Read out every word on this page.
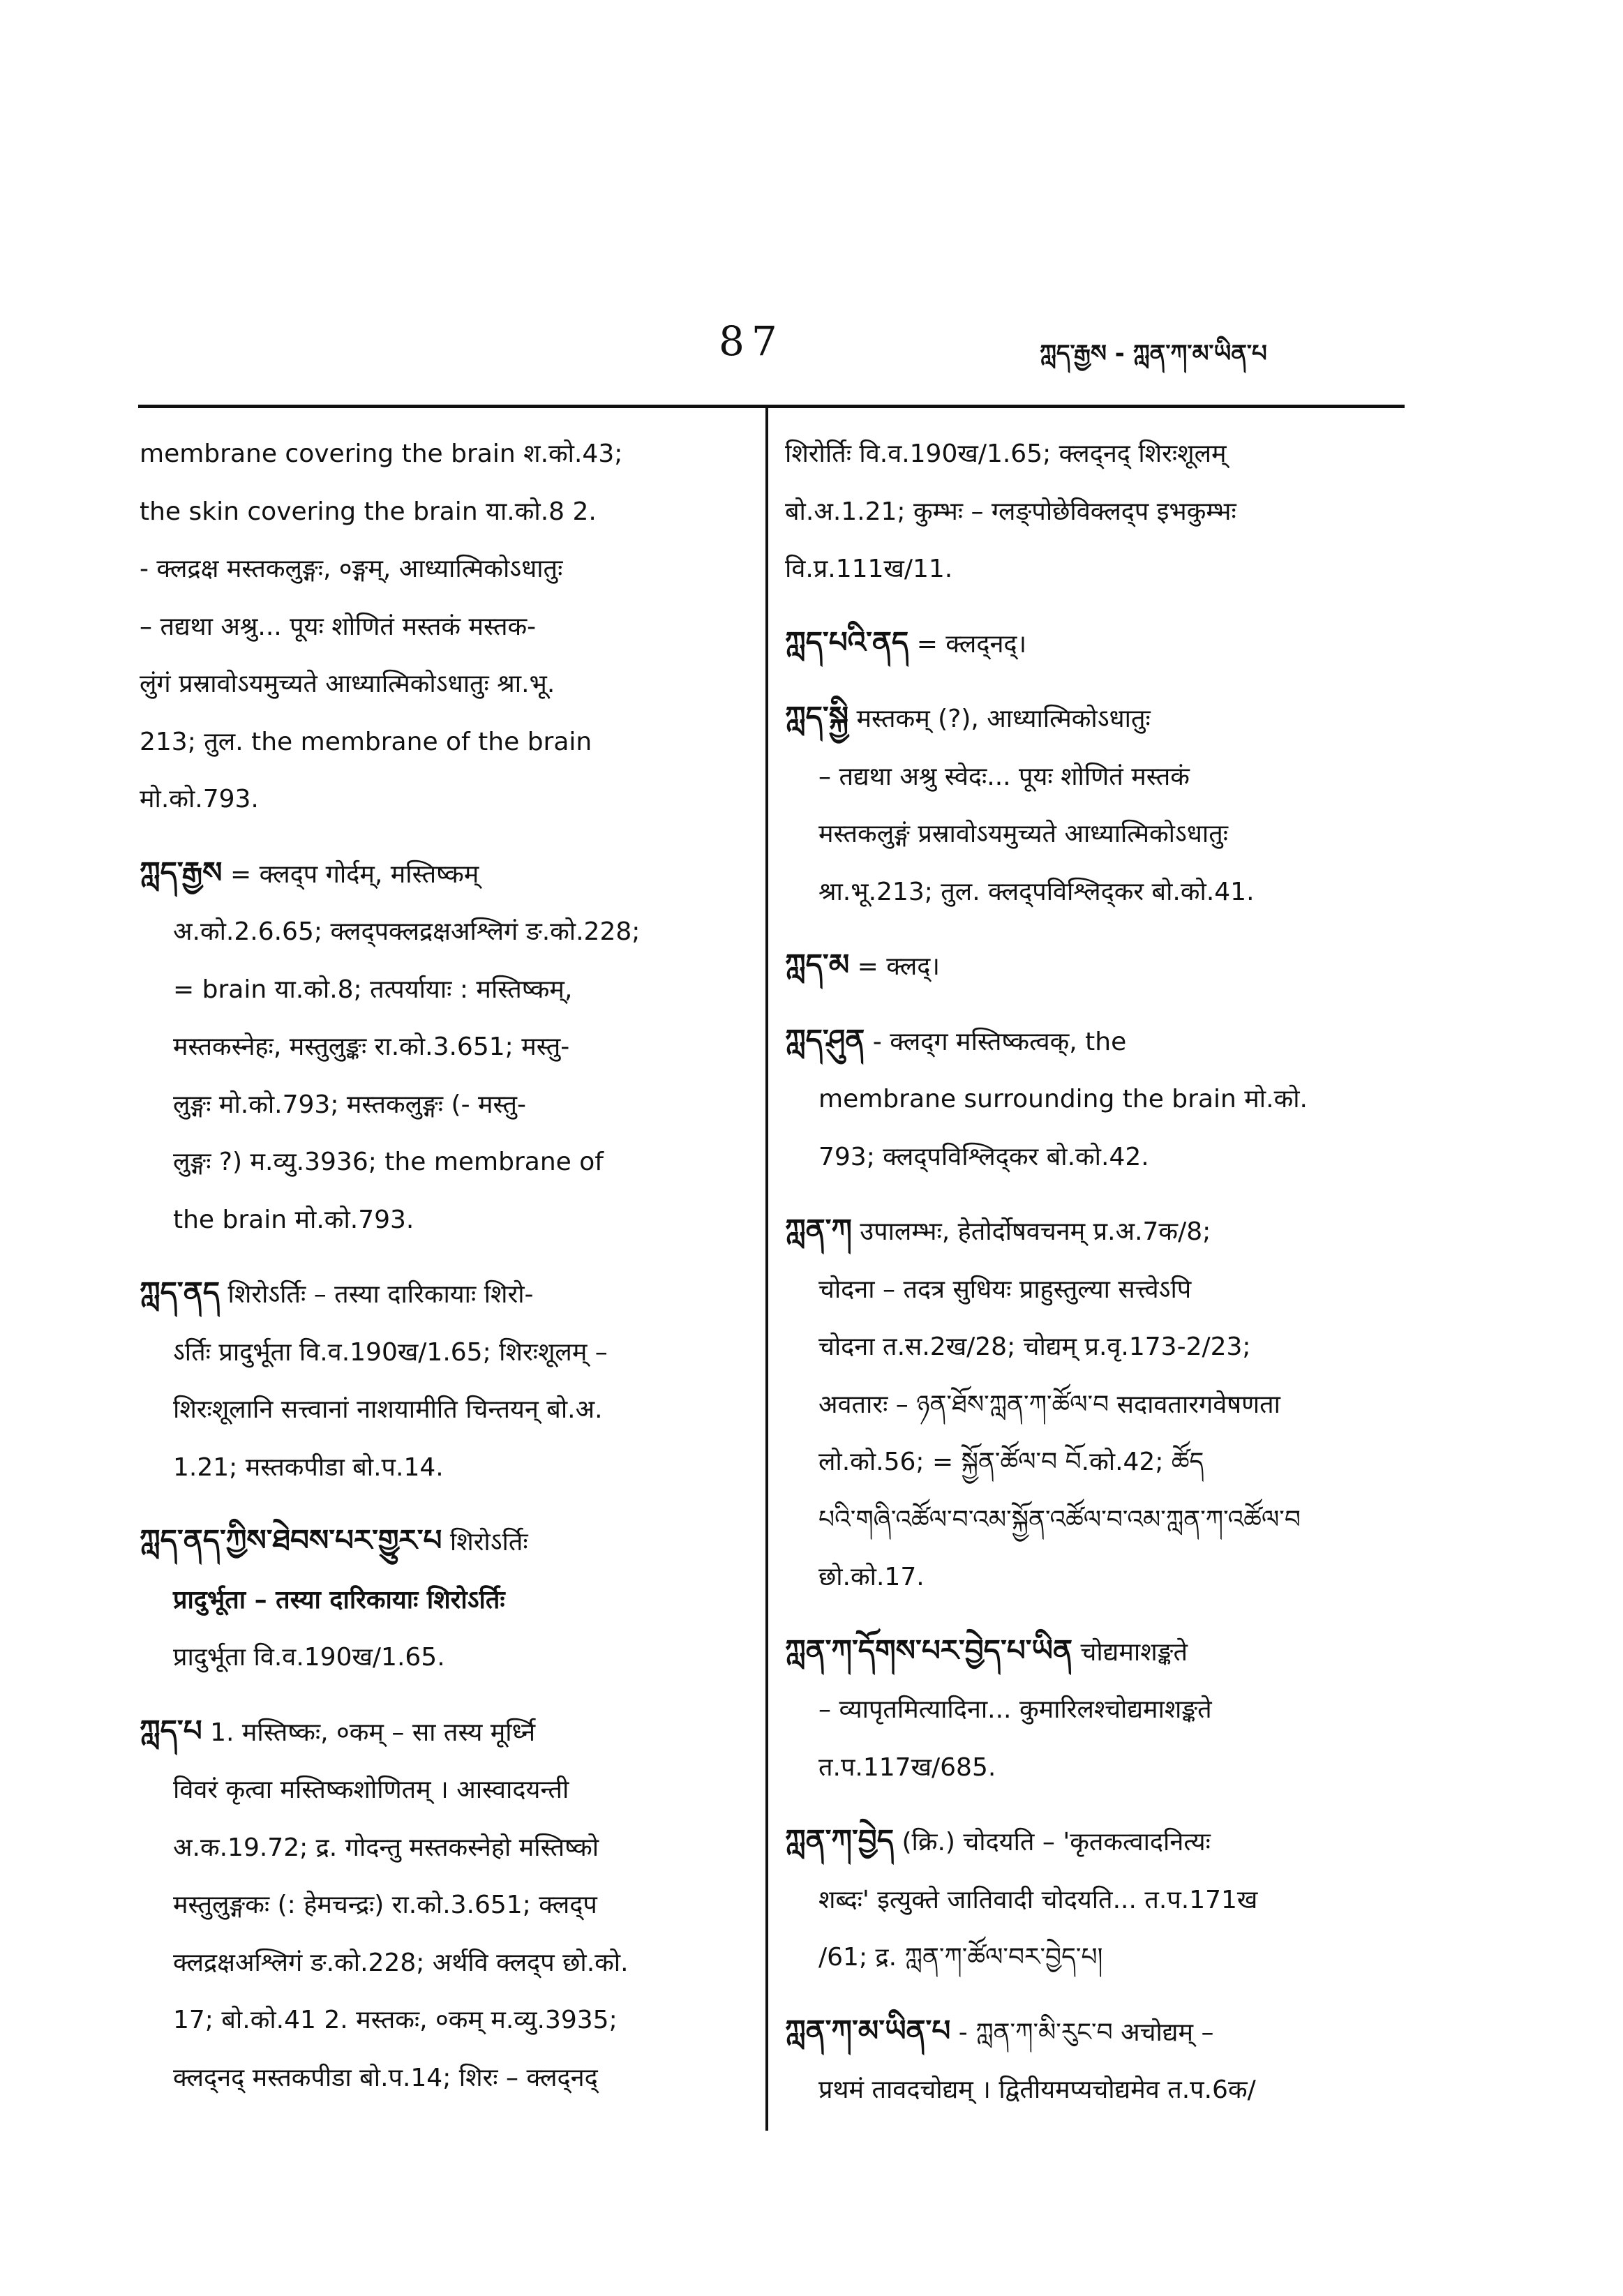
87	ཀླད་རྒྱས - ཀླན་ཀ་མ་ཡིན་པ
membrane covering the brain श.को.43;
the skin covering the brain या.को.8 2.
- क्लद्रक्ष मस्तकलुङ्गः, ०ङ्गम्, आध्यात्मिकोऽधातुः
– तद्यथा अश्रु... पूयः शोणितं मस्तकं मस्तक-
लुंगं प्रस्रावोऽयमुच्यते आध्यात्मिकोऽधातुः श्रा.भू.
213; तुल. the membrane of the brain
मो.को.793.
ཀླད་རྒྱས = क्लद्‌प गोर्दम्, मस्तिष्कम्
अ.को.2.6.65; क्लद्‌पक्लद्रक्षअश्लिगं ङ.को.228;
= brain या.को.8; तत्पर्यायाः : मस्तिष्कम्,
मस्तकस्नेहः, मस्तुलुङ्कः रा.को.3.651; मस्तु-
लुङ्गः मो.को.793; मस्तकलुङ्गः (- मस्तु-
लुङ्गः ?) म.व्यु.3936; the membrane of
the brain मो.को.793.
ཀླད་ནད शिरोऽर्तिः – तस्या दारिकायाः शिरो-
ऽर्तिः प्रादुर्भूता वि.व.190ख/1.65; शिरःशूलम् –
शिरःशूलानि सत्त्वानां नाशयामीति चिन्तयन् बो.अ.
1.21; मस्तकपीडा बो.प.14.
ཀླད་ནད་ཀྱིས་ཐེབས་པར་གྱུར་པ शिरोऽर्तिः
प्रादुर्भूता – तस्या दारिकायाः शिरोऽर्तिः
प्रादुर्भूता वि.व.190ख/1.65.
ཀླད་པ 1. मस्तिष्कः, ०कम् – सा तस्य मूर्ध्नि
विवरं कृत्वा मस्तिष्कशोणितम् । आस्वादयन्ती
अ.क.19.72; द्र. गोदन्तु मस्तकस्नेहो मस्तिष्को
मस्तुलुङ्गकः (: हेमचन्द्रः) रा.को.3.651; क्लद्‌प
क्लद्रक्षअश्लिगं ङ.को.228; अर्थवि क्लद्‌प छो.को.
17; बो.को.41 2. मस्तकः, ०कम् म.व्यु.3935;
क्लद्‌नद् मस्तकपीडा बो.प.14; शिरः – क्लद्‌नद्
शिरोर्तिः वि.व.190ख/1.65; क्लद्‌नद् शिरःशूलम्
बो.अ.1.21; कुम्भः – ग्लङ्‌पोछेविक्लद्‌प इभकुम्भः
वि.प्र.111ख/11.
ཀླད་པའི་ནད = क्लद्‌नद्।
ཀླད་སྐྱི मस्तकम् (?), आध्यात्मिकोऽधातुः
– तद्यथा अश्रु स्वेदः... पूयः शोणितं मस्तकं
मस्तकलुङ्गं प्रस्रावोऽयमुच्यते आध्यात्मिकोऽधातुः
श्रा.भू.213; तुल. क्लद्‌पविश्लिद्‌कर बो.को.41.
ཀླད་མ = क्लद्।
ཀླད་ཤུན - क्लद्‌ग मस्तिष्कत्वक्, the
membrane surrounding the brain मो.को.
793; क्लद्‌पविश्लिद्‌कर बो.को.42.
ཀླན་ཀ उपालम्भः, हेतोर्दोषवचनम् प्र.अ.7क/8;
चोदना – तदत्र सुधियः प्राहुस्तुल्या सत्त्वेऽपि
चोदना त.स.2ख/28; चोद्यम् प्र.वृ.173-2/23;
अवतारः – ཉན་ཐོས་ཀླན་ཀ་ཚོལ་བ सदावतारगवेषणता
लो.को.56; = སྐྱོན་ཚོལ་བ བོ.को.42; ཚོད
པའི་གཞི་འཚོལ་བ་འམ་སྐྱོན་འཚོལ་བ་འམ་ཀླན་ཀ་འཚོལ་བ
छो.को.17.
ཀླན་ཀ་དོགས་པར་བྱེད་པ་ཡིན चोद्यमाशङ्कते
– व्यापृतमित्यादिना... कुमारिलश्चोद्यमाशङ्कते
त.प.117ख/685.
ཀླན་ཀ་བྱེད (क्रि.) चोदयति – 'कृतकत्वादनित्यः
शब्दः' इत्युक्ते जातिवादी चोदयति... त.प.171ख
/61; द्र. ཀླན་ཀ་ཚོལ་བར་བྱེད་པ།
ཀླན་ཀ་མ་ཡིན་པ - ཀླན་ཀ་མི་རུང་བ अचोद्यम् –
प्रथमं तावदचोद्यम् । द्वितीयमप्यचोद्यमेव त.प.6क/
